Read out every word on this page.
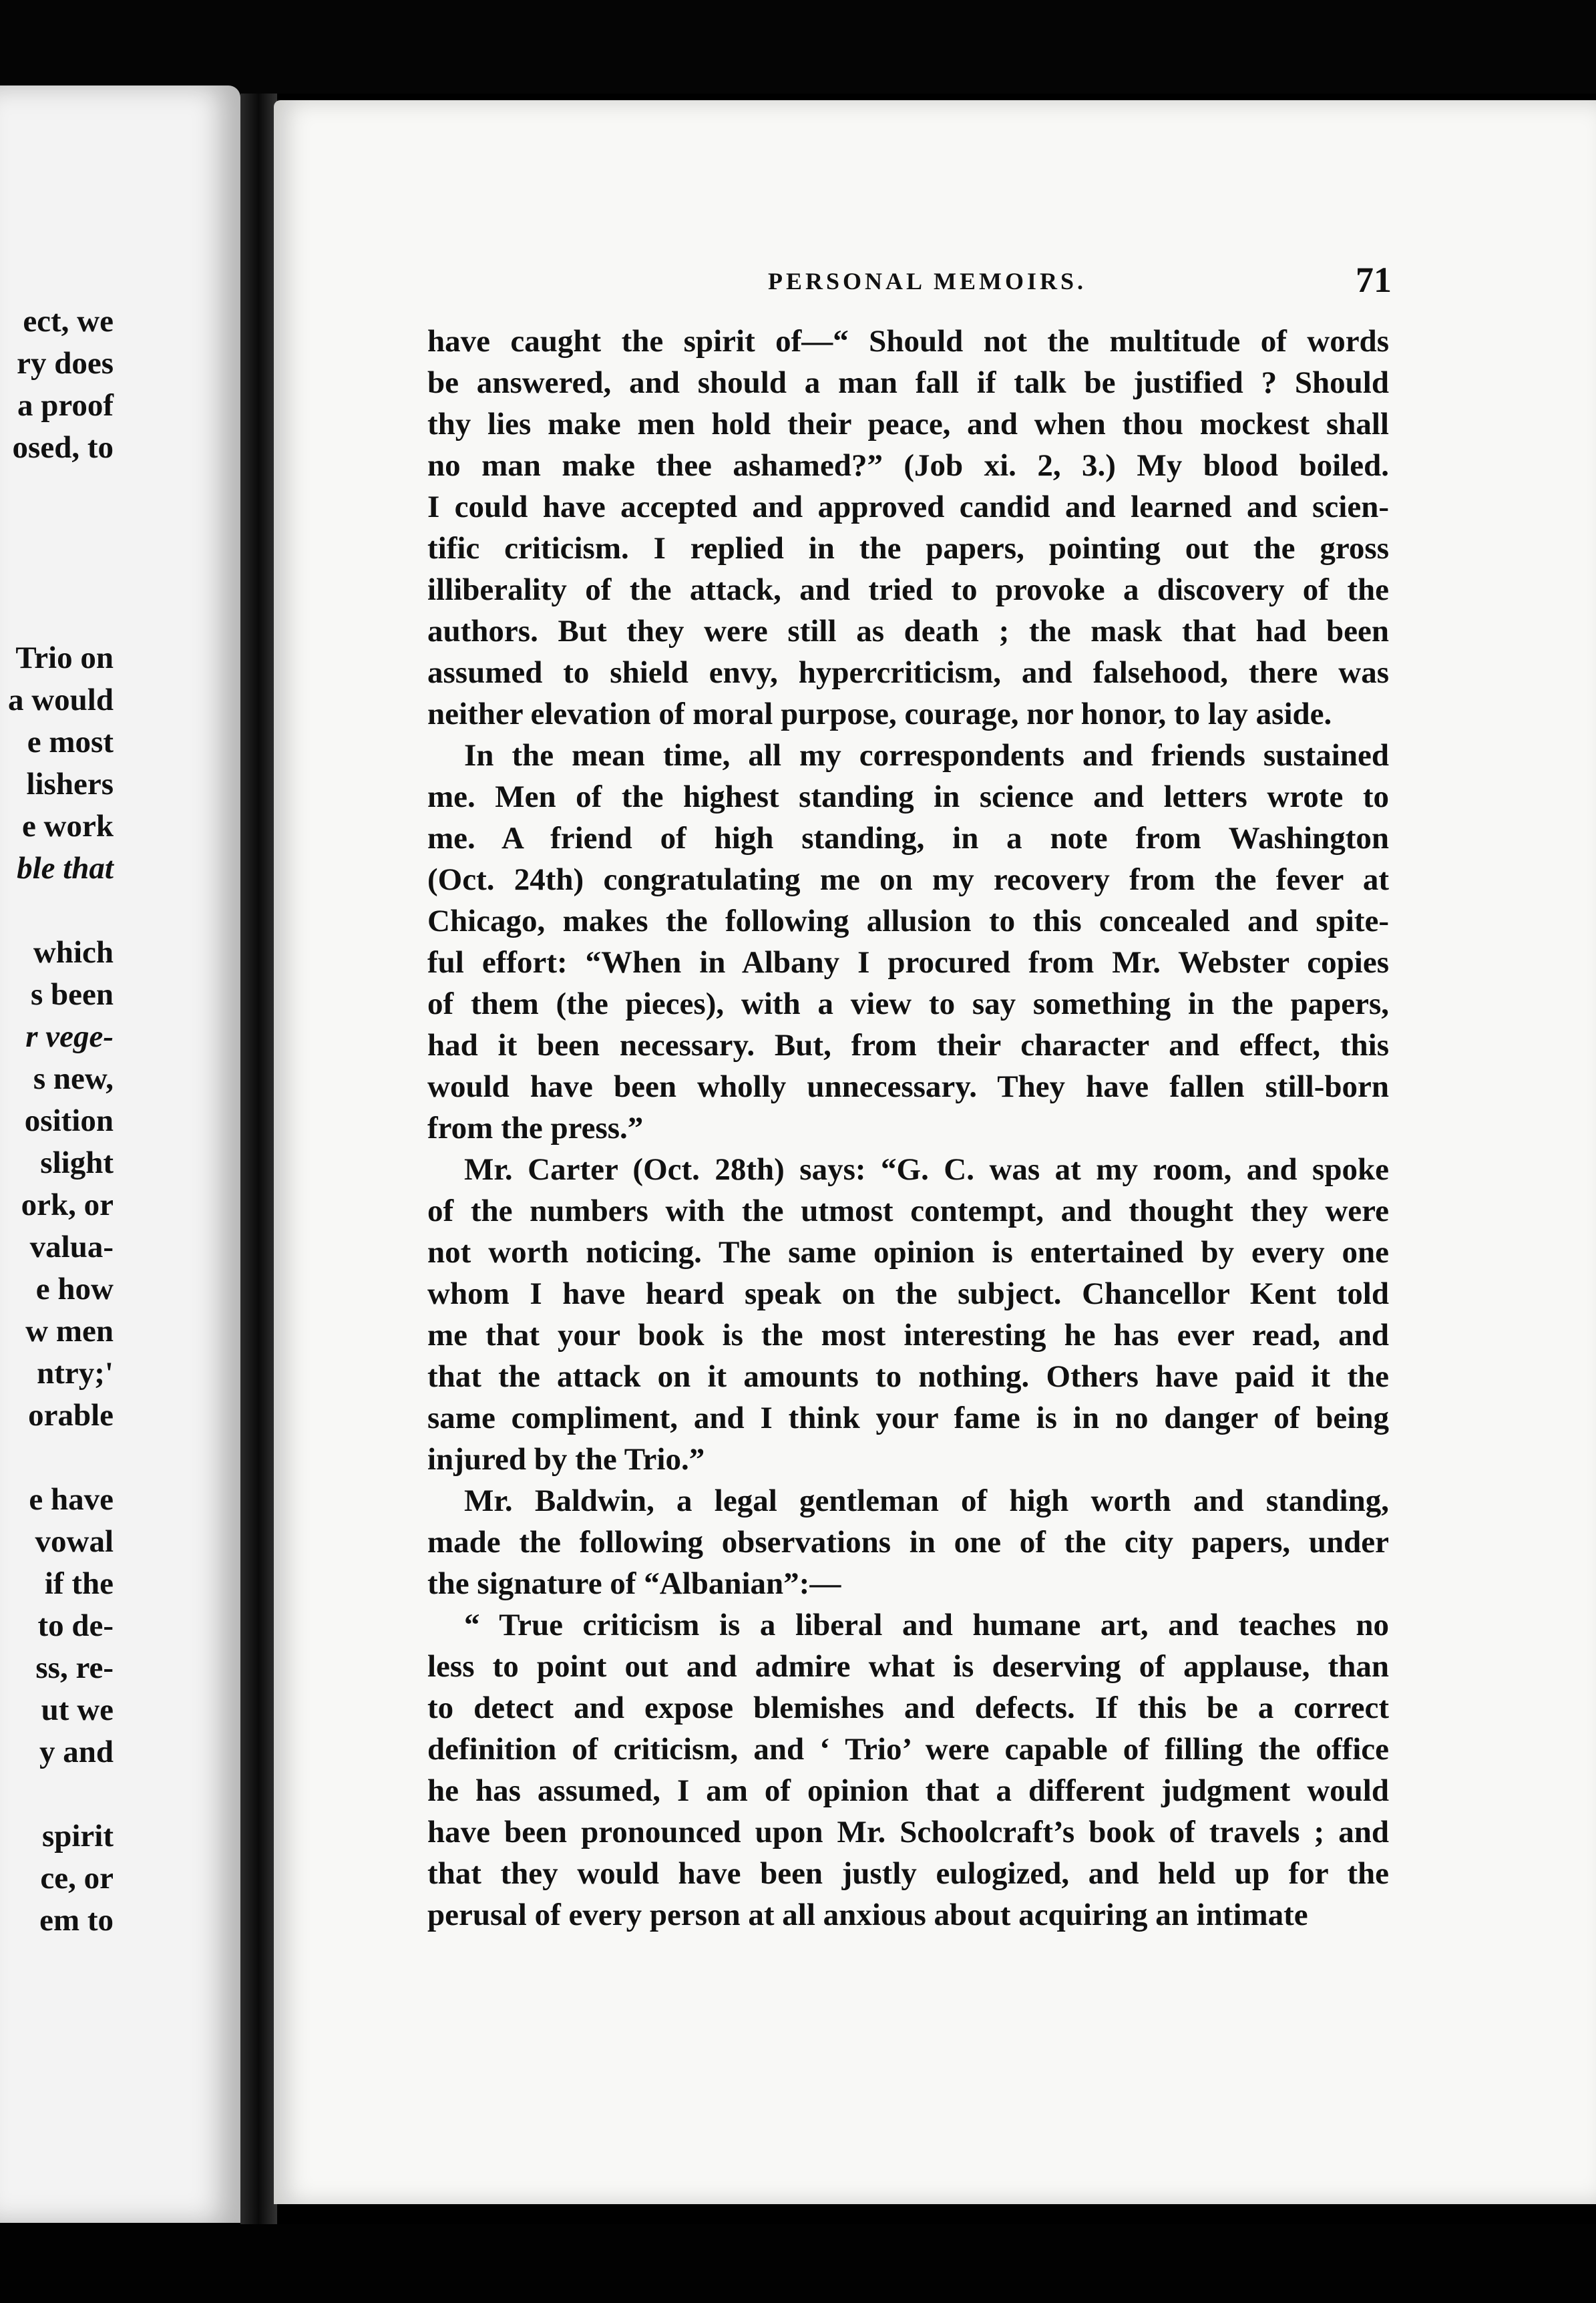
ect, we
ry does
a proof
osed, to
Trio on
a would
e most
lishers
e work
ble that
which
s been
r vege-
s new,
osition
slight
ork, or
valua-
e how
w men
ntry;'
orable
e have
vowal
if the
to de-
ss, re-
ut we
y and
spirit
ce, or
em to
PERSONAL MEMOIRS.	71
have caught the spirit of—“ Should not the multitude of words
be answered, and should a man fall if talk be justified ? Should
thy lies make men hold their peace, and when thou mockest shall
no man make thee ashamed?” (Job xi. 2, 3.) My blood boiled.
I could have accepted and approved candid and learned and scien-
tific criticism. I replied in the papers, pointing out the gross
illiberality of the attack, and tried to provoke a discovery of the
authors. But they were still as death ; the mask that had been
assumed to shield envy, hypercriticism, and falsehood, there was
neither elevation of moral purpose, courage, nor honor, to lay aside.
In the mean time, all my correspondents and friends sustained
me. Men of the highest standing in science and letters wrote to
me. A friend of high standing, in a note from Washington
(Oct. 24th) congratulating me on my recovery from the fever at
Chicago, makes the following allusion to this concealed and spite-
ful effort: “When in Albany I procured from Mr. Webster copies
of them (the pieces), with a view to say something in the papers,
had it been necessary. But, from their character and effect, this
would have been wholly unnecessary. They have fallen still-born
from the press.”
Mr. Carter (Oct. 28th) says: “G. C. was at my room, and spoke
of the numbers with the utmost contempt, and thought they were
not worth noticing. The same opinion is entertained by every one
whom I have heard speak on the subject. Chancellor Kent told
me that your book is the most interesting he has ever read, and
that the attack on it amounts to nothing. Others have paid it the
same compliment, and I think your fame is in no danger of being
injured by the Trio.”
Mr. Baldwin, a legal gentleman of high worth and standing,
made the following observations in one of the city papers, under
the signature of “Albanian”:—
“ True criticism is a liberal and humane art, and teaches no
less to point out and admire what is deserving of applause, than
to detect and expose blemishes and defects. If this be a correct
definition of criticism, and ‘ Trio’ were capable of filling the office
he has assumed, I am of opinion that a different judgment would
have been pronounced upon Mr. Schoolcraft’s book of travels ; and
that they would have been justly eulogized, and held up for the
perusal of every person at all anxious about acquiring an intimate
